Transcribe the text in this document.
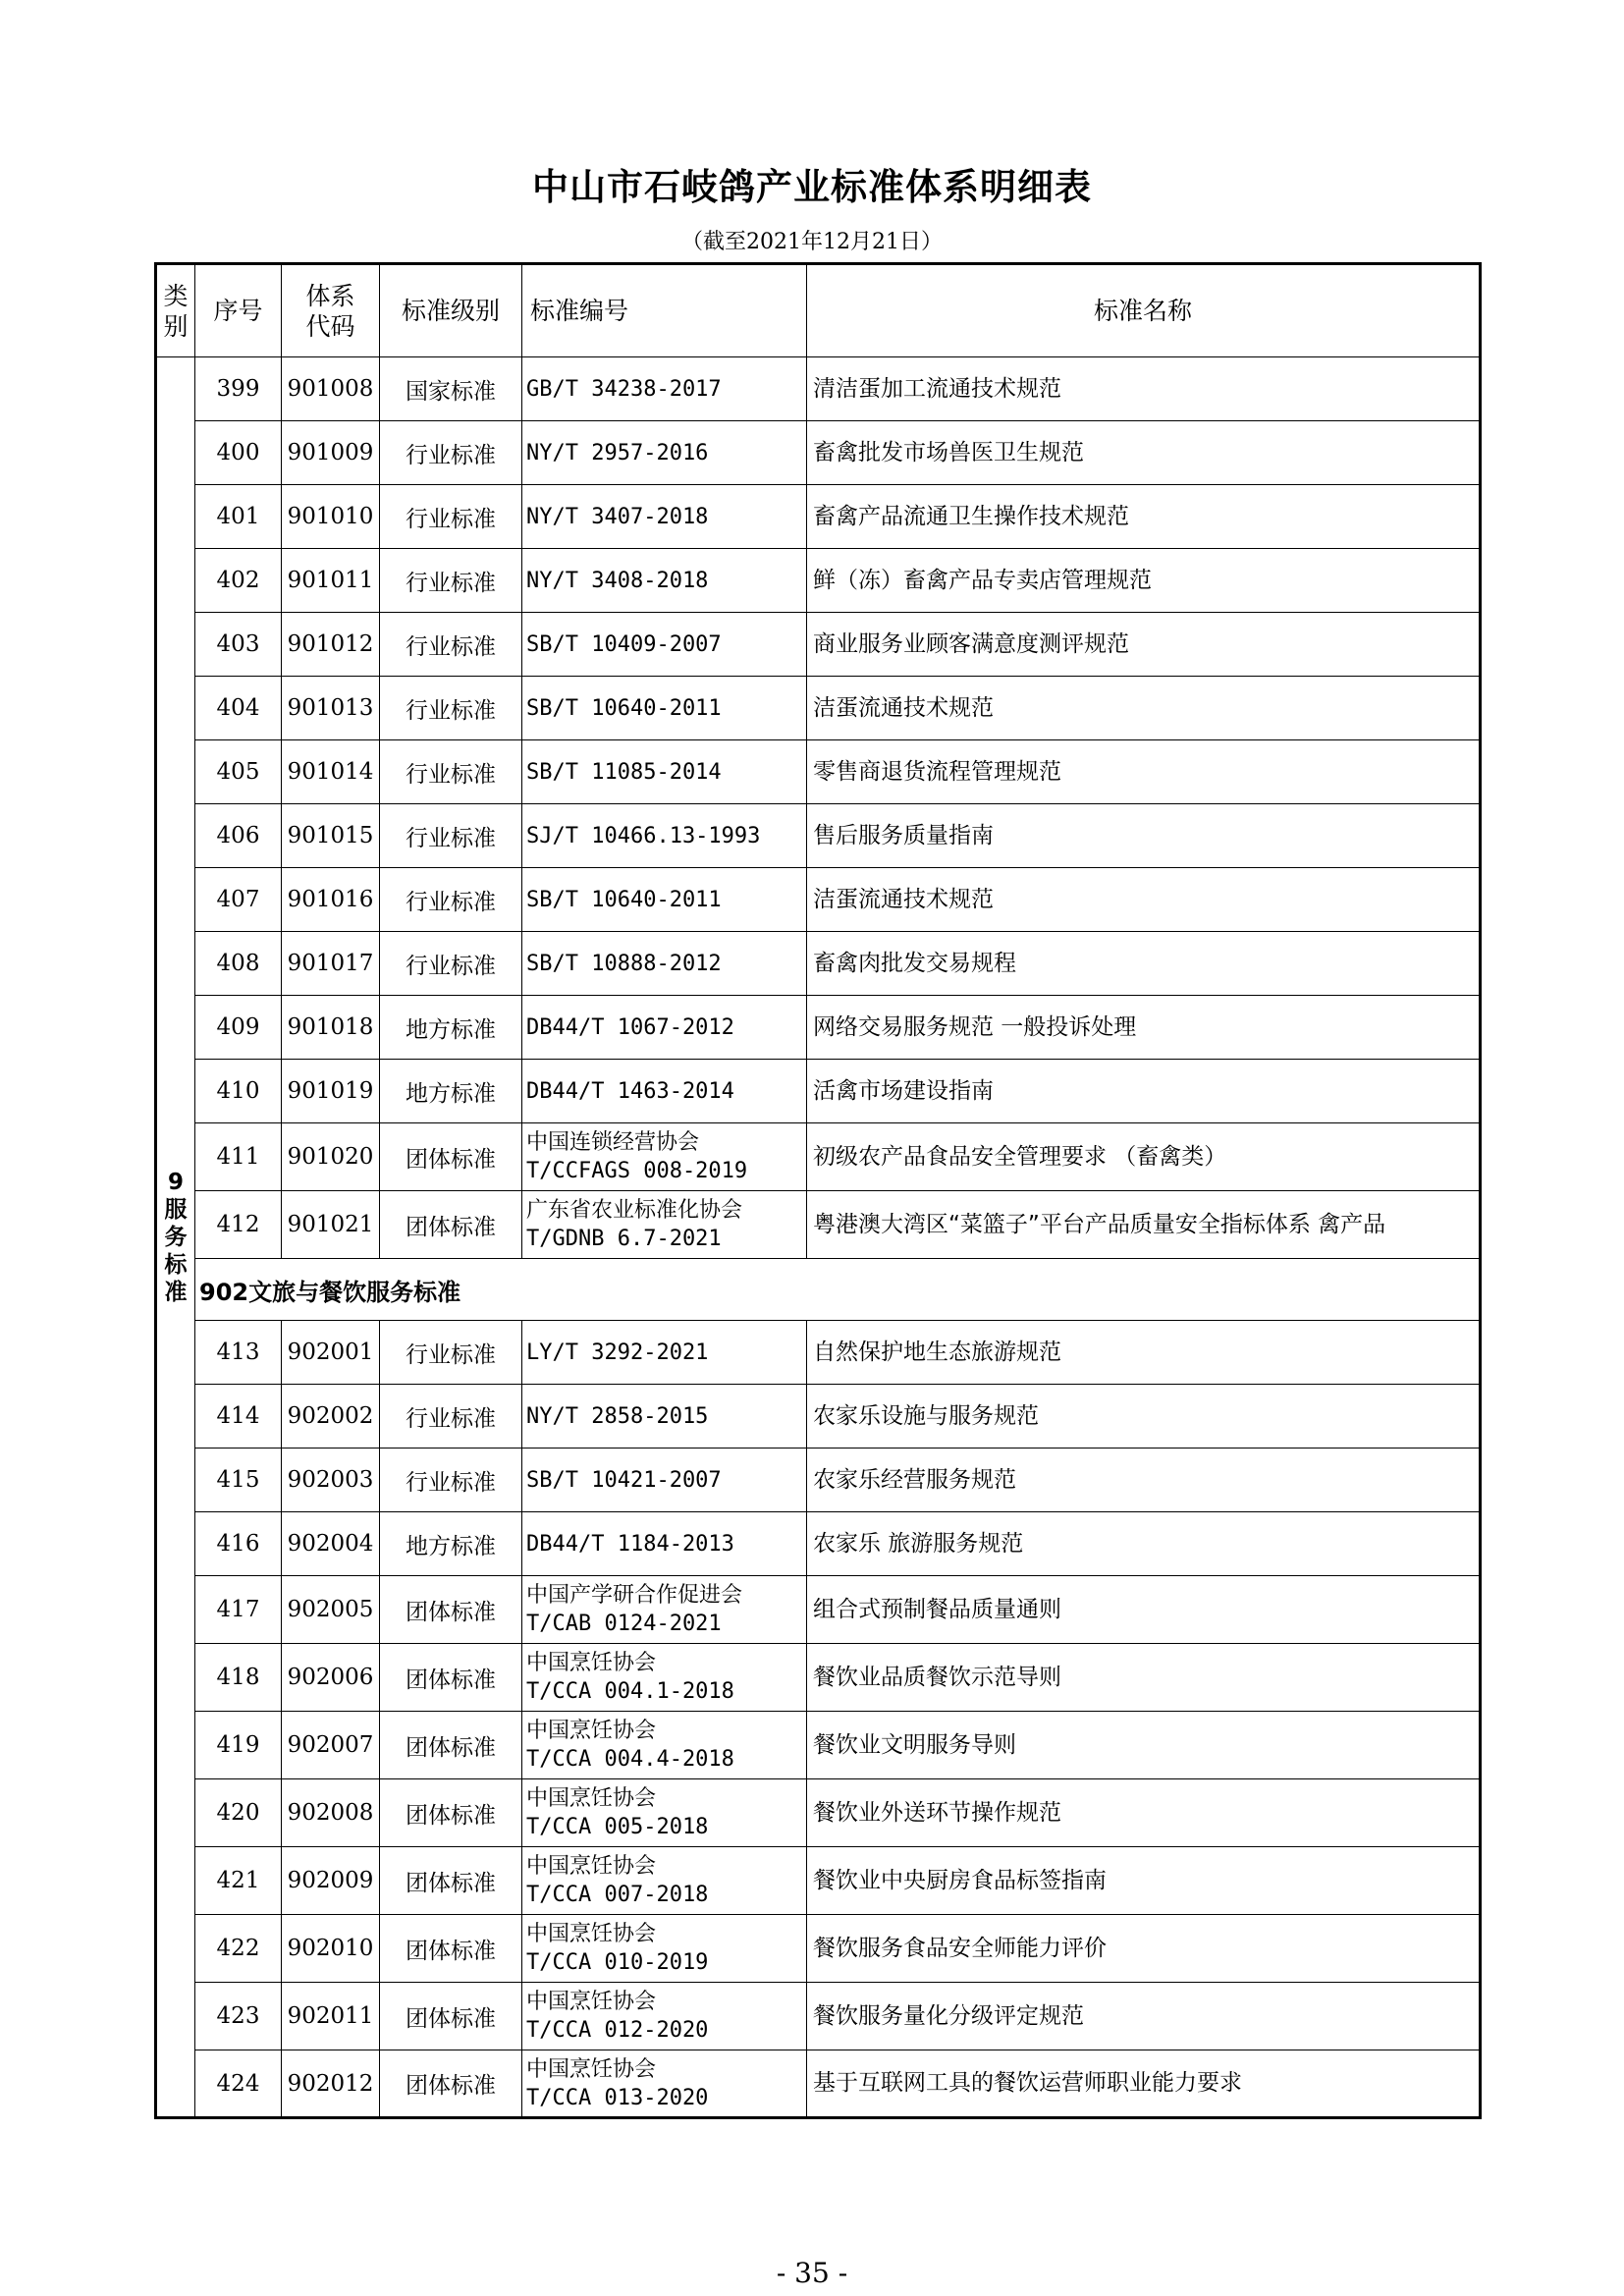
中山市石岐鸽产业标准体系明细表
（截至2021年12月21日）
类别	序号	体系代码	标准级别	标准编号	标准名称
9服务标准	399	901008	国家标准	GB/T 34238-2017	清洁蛋加工流通技术规范
	400	901009	行业标准	NY/T 2957-2016	畜禽批发市场兽医卫生规范
	401	901010	行业标准	NY/T 3407-2018	畜禽产品流通卫生操作技术规范
	402	901011	行业标准	NY/T 3408-2018	鲜（冻）畜禽产品专卖店管理规范
	403	901012	行业标准	SB/T 10409-2007	商业服务业顾客满意度测评规范
	404	901013	行业标准	SB/T 10640-2011	洁蛋流通技术规范
	405	901014	行业标准	SB/T 11085-2014	零售商退货流程管理规范
	406	901015	行业标准	SJ/T 10466.13-1993	售后服务质量指南
	407	901016	行业标准	SB/T 10640-2011	洁蛋流通技术规范
	408	901017	行业标准	SB/T 10888-2012	畜禽肉批发交易规程
	409	901018	地方标准	DB44/T 1067-2012	网络交易服务规范 一般投诉处理
	410	901019	地方标准	DB44/T 1463-2014	活禽市场建设指南
	411	901020	团体标准	中国连锁经营协会
T/CCFAGS 008-2019	初级农产品食品安全管理要求 （畜禽类）
	412	901021	团体标准	广东省农业标准化协会
T/GDNB 6.7-2021	粤港澳大湾区“菜篮子”平台产品质量安全指标体系 禽产品
	902文旅与餐饮服务标准				
	413	902001	行业标准	LY/T 3292-2021	自然保护地生态旅游规范
	414	902002	行业标准	NY/T 2858-2015	农家乐设施与服务规范
	415	902003	行业标准	SB/T 10421-2007	农家乐经营服务规范
	416	902004	地方标准	DB44/T 1184-2013	农家乐 旅游服务规范
	417	902005	团体标准	中国产学研合作促进会
T/CAB 0124-2021	组合式预制餐品质量通则
	418	902006	团体标准	中国烹饪协会
T/CCA 004.1-2018	餐饮业品质餐饮示范导则
	419	902007	团体标准	中国烹饪协会
T/CCA 004.4-2018	餐饮业文明服务导则
	420	902008	团体标准	中国烹饪协会
T/CCA 005-2018	餐饮业外送环节操作规范
	421	902009	团体标准	中国烹饪协会
T/CCA 007-2018	餐饮业中央厨房食品标签指南
	422	902010	团体标准	中国烹饪协会
T/CCA 010-2019	餐饮服务食品安全师能力评价
	423	902011	团体标准	中国烹饪协会
T/CCA 012-2020	餐饮服务量化分级评定规范
	424	902012	团体标准	中国烹饪协会
T/CCA 013-2020	基于互联网工具的餐饮运营师职业能力要求
- 35 -
